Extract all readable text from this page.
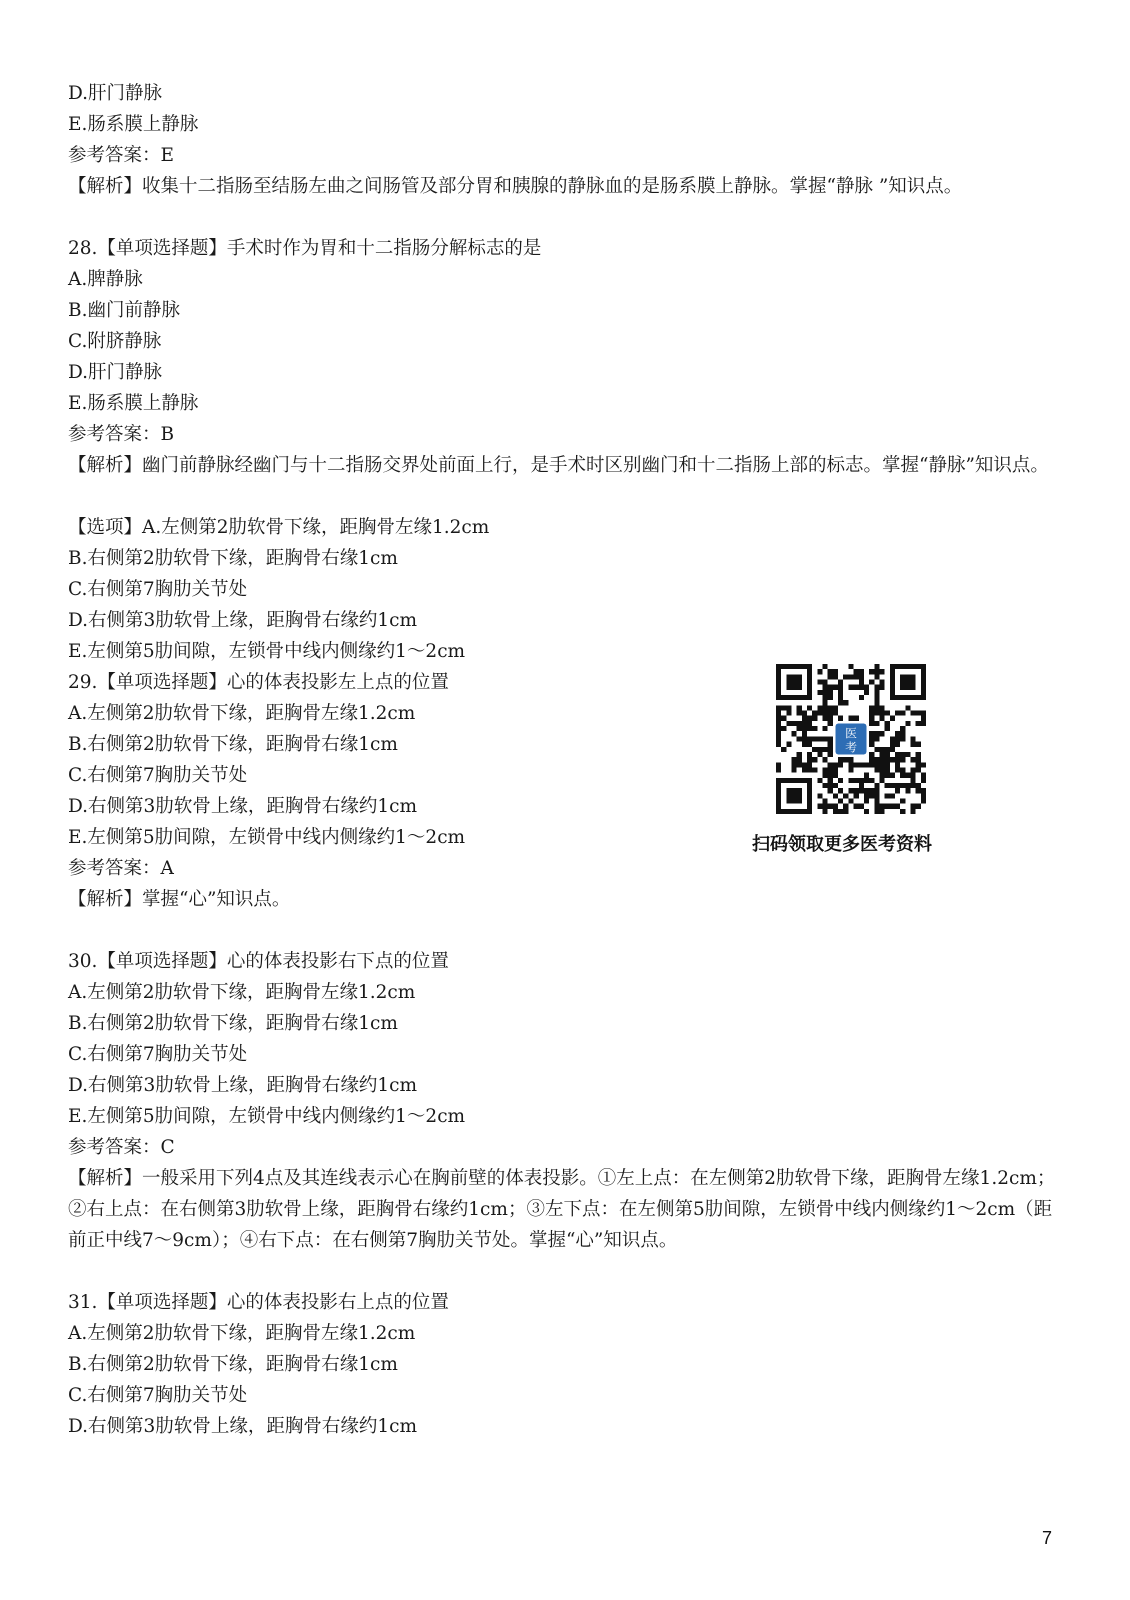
D.肝门静脉

E.肠系膜上静脉

参考答案：E

【解析】收集十二指肠至结肠左曲之间肠管及部分胃和胰腺的静脉血的是肠系膜上静脉。掌握“静脉 ”知识点。

28.【单项选择题】手术时作为胃和十二指肠分解标志的是

A.脾静脉

B.幽门前静脉

C.附脐静脉

D.肝门静脉

E.肠系膜上静脉

参考答案：B

【解析】幽门前静脉经幽门与十二指肠交界处前面上行，是手术时区别幽门和十二指肠上部的标志。掌握“静脉”知识点。

【选项】A.左侧第2肋软骨下缘，距胸骨左缘1.2cm

B.右侧第2肋软骨下缘，距胸骨右缘1cm

C.右侧第7胸肋关节处

D.右侧第3肋软骨上缘，距胸骨右缘约1cm

E.左侧第5肋间隙，左锁骨中线内侧缘约1～2cm

29.【单项选择题】心的体表投影左上点的位置

A.左侧第2肋软骨下缘，距胸骨左缘1.2cm

B.右侧第2肋软骨下缘，距胸骨右缘1cm

C.右侧第7胸肋关节处

D.右侧第3肋软骨上缘，距胸骨右缘约1cm

E.左侧第5肋间隙，左锁骨中线内侧缘约1～2cm

参考答案：A

【解析】掌握“心”知识点。

30.【单项选择题】心的体表投影右下点的位置

A.左侧第2肋软骨下缘，距胸骨左缘1.2cm

B.右侧第2肋软骨下缘，距胸骨右缘1cm

C.右侧第7胸肋关节处

D.右侧第3肋软骨上缘，距胸骨右缘约1cm

E.左侧第5肋间隙，左锁骨中线内侧缘约1～2cm

参考答案：C

【解析】一般采用下列4点及其连线表示心在胸前壁的体表投影。①左上点：在左侧第2肋软骨下缘，距胸骨左缘1.2cm；②右上点：在右侧第3肋软骨上缘，距胸骨右缘约1cm；③左下点：在左侧第5肋间隙，左锁骨中线内侧缘约1～2cm（距前正中线7～9cm）；④右下点：在右侧第7胸肋关节处。掌握“心”知识点。

31.【单项选择题】心的体表投影右上点的位置

A.左侧第2肋软骨下缘，距胸骨左缘1.2cm

B.右侧第2肋软骨下缘，距胸骨右缘1cm

C.右侧第7胸肋关节处

D.右侧第3肋软骨上缘，距胸骨右缘约1cm

医
考
扫码领取更多医考资料
7
